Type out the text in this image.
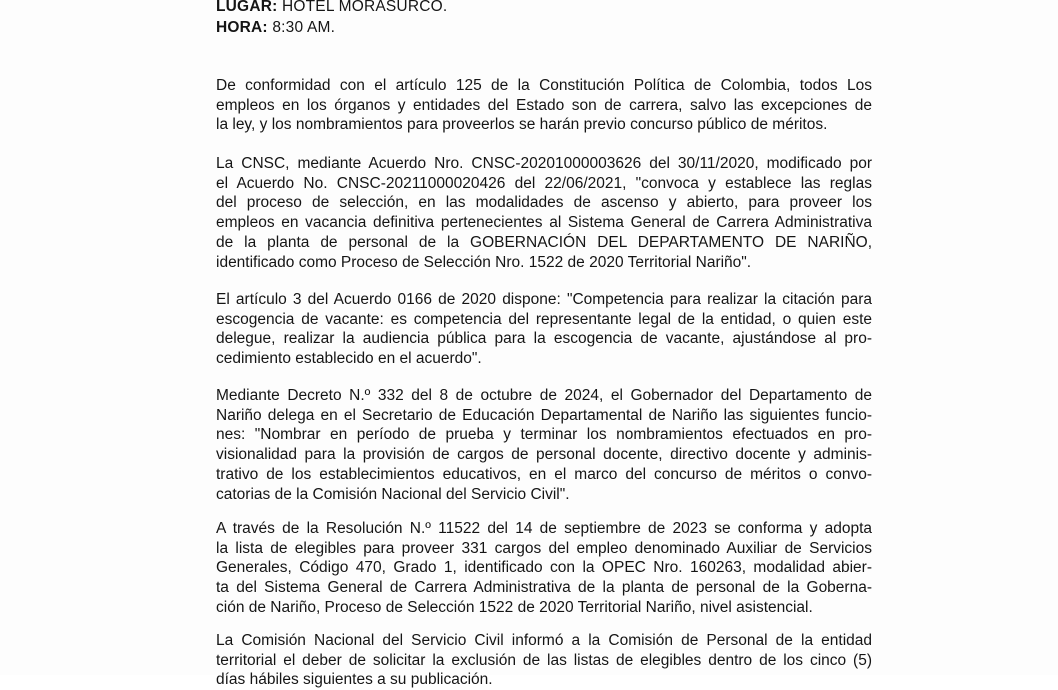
LUGAR: HOTEL MORASURCO.
HORA: 8:30 AM.

De conformidad con el artículo 125 de la Constitución Política de Colombia, todos Los
empleos en los órganos y entidades del Estado son de carrera, salvo las excepciones de
la ley, y los nombramientos para proveerlos se harán previo concurso público de méritos.

La CNSC, mediante Acuerdo Nro. CNSC-20201000003626 del 30/11/2020, modificado por
el Acuerdo No. CNSC-20211000020426 del 22/06/2021, "convoca y establece las reglas
del proceso de selección, en las modalidades de ascenso y abierto, para proveer los
empleos en vacancia definitiva pertenecientes al Sistema General de Carrera Administrativa
de la planta de personal de la GOBERNACIÓN DEL DEPARTAMENTO DE NARIÑO,
identificado como Proceso de Selección Nro. 1522 de 2020 Territorial Nariño".

El artículo 3 del Acuerdo 0166 de 2020 dispone: "Competencia para realizar la citación para
escogencia de vacante: es competencia del representante legal de la entidad, o quien este
delegue, realizar la audiencia pública para la escogencia de vacante, ajustándose al pro-
cedimiento establecido en el acuerdo".

Mediante Decreto N.º 332 del 8 de octubre de 2024, el Gobernador del Departamento de
Nariño delega en el Secretario de Educación Departamental de Nariño las siguientes funcio-
nes: "Nombrar en período de prueba y terminar los nombramientos efectuados en pro-
visionalidad para la provisión de cargos de personal docente, directivo docente y adminis-
trativo de los establecimientos educativos, en el marco del concurso de méritos o convo-
catorias de la Comisión Nacional del Servicio Civil".

A través de la Resolución N.º 11522 del 14 de septiembre de 2023 se conforma y adopta
la lista de elegibles para proveer 331 cargos del empleo denominado Auxiliar de Servicios
Generales, Código 470, Grado 1, identificado con la OPEC Nro. 160263, modalidad abier-
ta del Sistema General de Carrera Administrativa de la planta de personal de la Goberna-
ción de Nariño, Proceso de Selección 1522 de 2020 Territorial Nariño, nivel asistencial.

La Comisión Nacional del Servicio Civil informó a la Comisión de Personal de la entidad
territorial el deber de solicitar la exclusión de las listas de elegibles dentro de los cinco (5)
días hábiles siguientes a su publicación.
